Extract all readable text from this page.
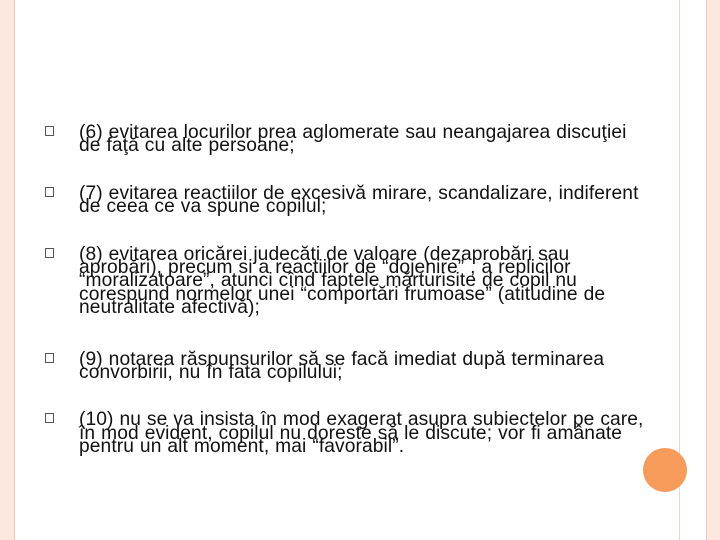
(6) evitarea locurilor prea aglomerate sau neangajarea discuţiei de faţă cu alte persoane;
(7) evitarea reactiilor de excesivă mirare, scandalizare, indiferent de ceea ce va spune copilul;
(8) evitarea oricărei judecăti de valoare (dezaprobări sau aprobări), precum si a reactiilor de “dojenire” , a replicilor “moralizatoare”, atunci cînd faptele mărturisite de copil nu corespund normelor unei “comportări frumoase” (atitudine de neutralitate afectivă);
(9) notarea răspunsurilor să se facă imediat după terminarea convorbirii, nu în fata copilului;
(10) nu se va insista în mod exagerat asupra subiectelor pe care, în mod evident, copilul nu doreste să le discute; vor fi amânate pentru un alt moment, mai “favorabil”.
